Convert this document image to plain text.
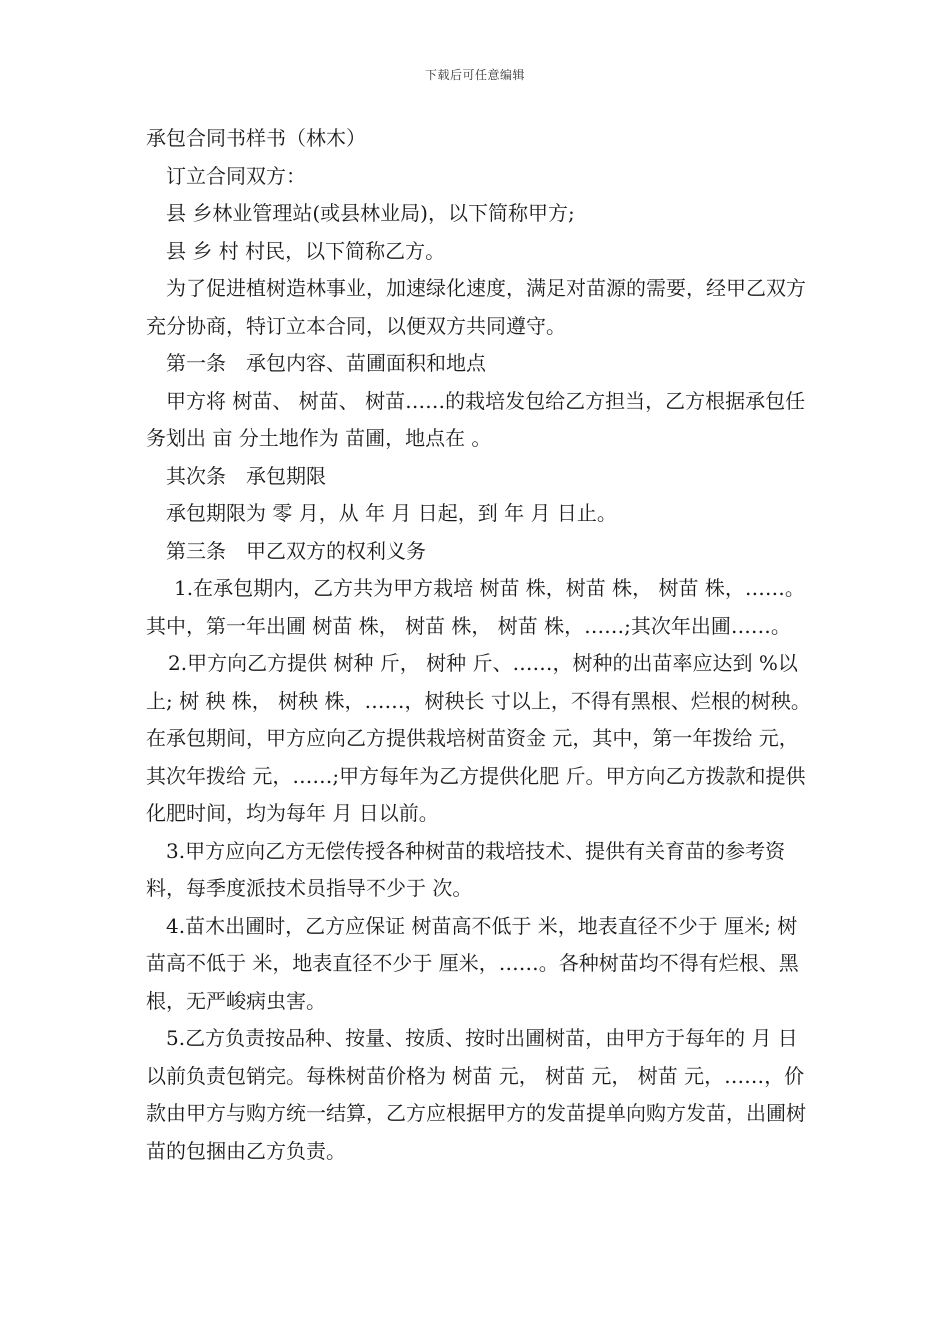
下载后可任意编辑

承包合同书样书（林木）

订立合同双方：

县 乡林业管理站(或县林业局)，以下简称甲方;

县 乡 村 村民，以下简称乙方。

为了促进植树造林事业，加速绿化速度，满足对苗源的需要，经甲乙双方充分协商，特订立本合同，以便双方共同遵守。

第一条　承包内容、苗圃面积和地点

甲方将 树苗、 树苗、 树苗……的栽培发包给乙方担当，乙方根据承包任务划出 亩 分土地作为 苗圃，地点在 。

其次条　承包期限

承包期限为 零 月，从 年 月 日起，到 年 月 日止。

第三条　甲乙双方的权利义务

1.在承包期内，乙方共为甲方栽培 树苗 株，树苗 株， 树苗 株，……。其中，第一年出圃 树苗 株， 树苗 株， 树苗 株，……;其次年出圃……。

2.甲方向乙方提供 树种 斤， 树种 斤、……，树种的出苗率应达到 %以上; 树 秧 株， 树秧 株，……，树秧长 寸以上，不得有黑根、烂根的树秧。在承包期间，甲方应向乙方提供栽培树苗资金 元，其中，第一年拨给 元，其次年拨给 元，……;甲方每年为乙方提供化肥 斤。甲方向乙方拨款和提供化肥时间，均为每年 月 日以前。

3.甲方应向乙方无偿传授各种树苗的栽培技术、提供有关育苗的参考资料，每季度派技术员指导不少于 次。

4.苗木出圃时，乙方应保证 树苗高不低于 米，地表直径不少于 厘米; 树苗高不低于 米，地表直径不少于 厘米，……。各种树苗均不得有烂根、黑根，无严峻病虫害。

5.乙方负责按品种、按量、按质、按时出圃树苗，由甲方于每年的 月 日以前负责包销完。每株树苗价格为 树苗 元， 树苗 元， 树苗 元，……，价款由甲方与购方统一结算，乙方应根据甲方的发苗提单向购方发苗，出圃树苗的包捆由乙方负责。
